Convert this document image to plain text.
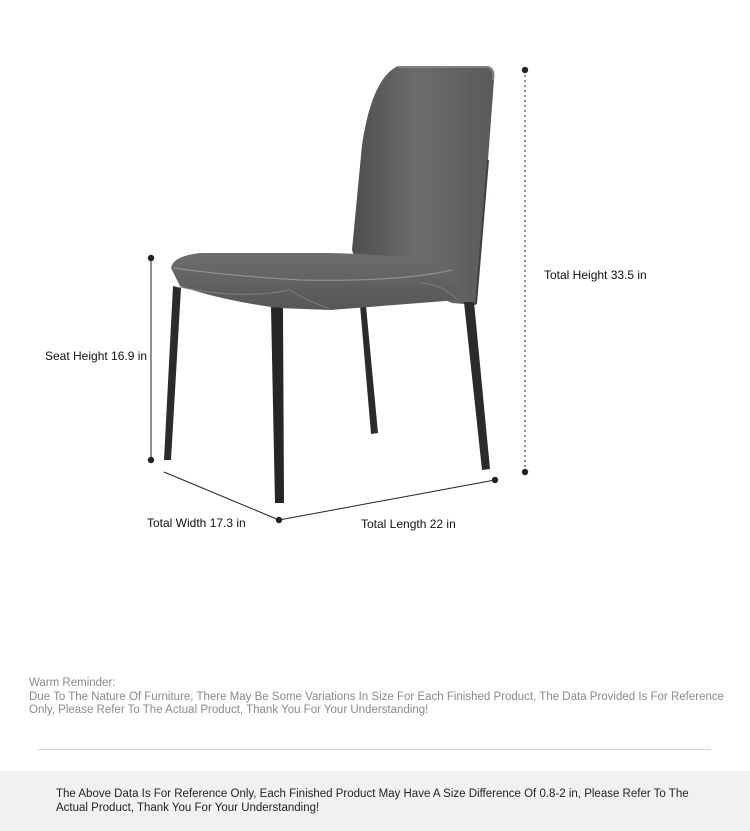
Total Height 33.5 in
Seat Height 16.9 in
Total Width 17.3 in	Total Length 22 in
Warm Reminder:
Due To The Nature Of Furniture, There May Be Some Variations In Size For Each Finished Product, The Data Provided Is For Reference Only, Please Refer To The Actual Product, Thank You For Your Understanding!
The Above Data Is For Reference Only, Each Finished Product May Have A Size Difference Of 0.8-2 in, Please Refer To The Actual Product, Thank You For Your Understanding!
